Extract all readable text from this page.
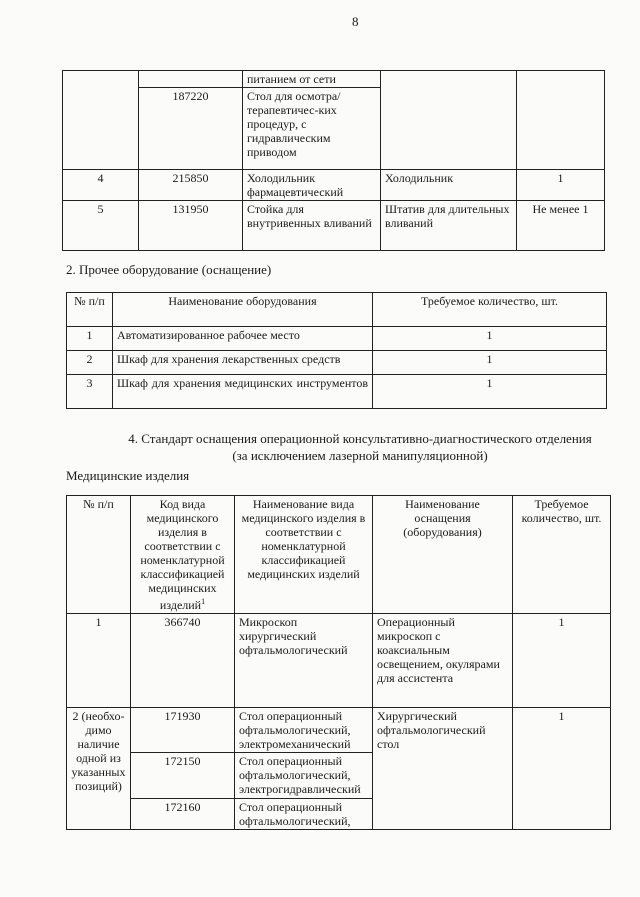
8
		питанием от сети		
	187220	Стол для осмотра/терапевтичес-ких процедур, с гидравлическим приводом		
4	215850	Холодильник фармацевтический	Холодильник	1
5	131950	Стойка для внутривенных вливаний	Штатив для длительных вливаний	Не менее 1
2. Прочее оборудование (оснащение)
№ п/п	Наименование оборудования	Требуемое количество, шт.
1	Автоматизированное рабочее место	1
2	Шкаф для хранения лекарственных средств	1
3	Шкаф для хранения медицинских инструментов	1
4. Стандарт оснащения операционной консультативно-диагностического отделения
(за исключением лазерной манипуляционной)
Медицинские изделия
№ п/п	Код вида медицинского изделия в соответствии с номенклатурной классификацией медицинских изделий$^1$	Наименование вида медицинского изделия в соответствии с номенклатурной классификацией медицинских изделий	Наименование оснащения (оборудования)	Требуемое количество, шт.
1	366740	Микроскоп хирургический офтальмологический	Операционный микроскоп с коаксиальным освещением, окулярами для ассистента	1
2 (необхо-димо наличие одной из указанных позиций)	171930	Стол операционный офтальмологический, электромеханический	Хирургический офтальмологический стол	1
	172150	Стол операционный офтальмологический, электрогидравлический		
	172160	Стол операционный офтальмологический,		
